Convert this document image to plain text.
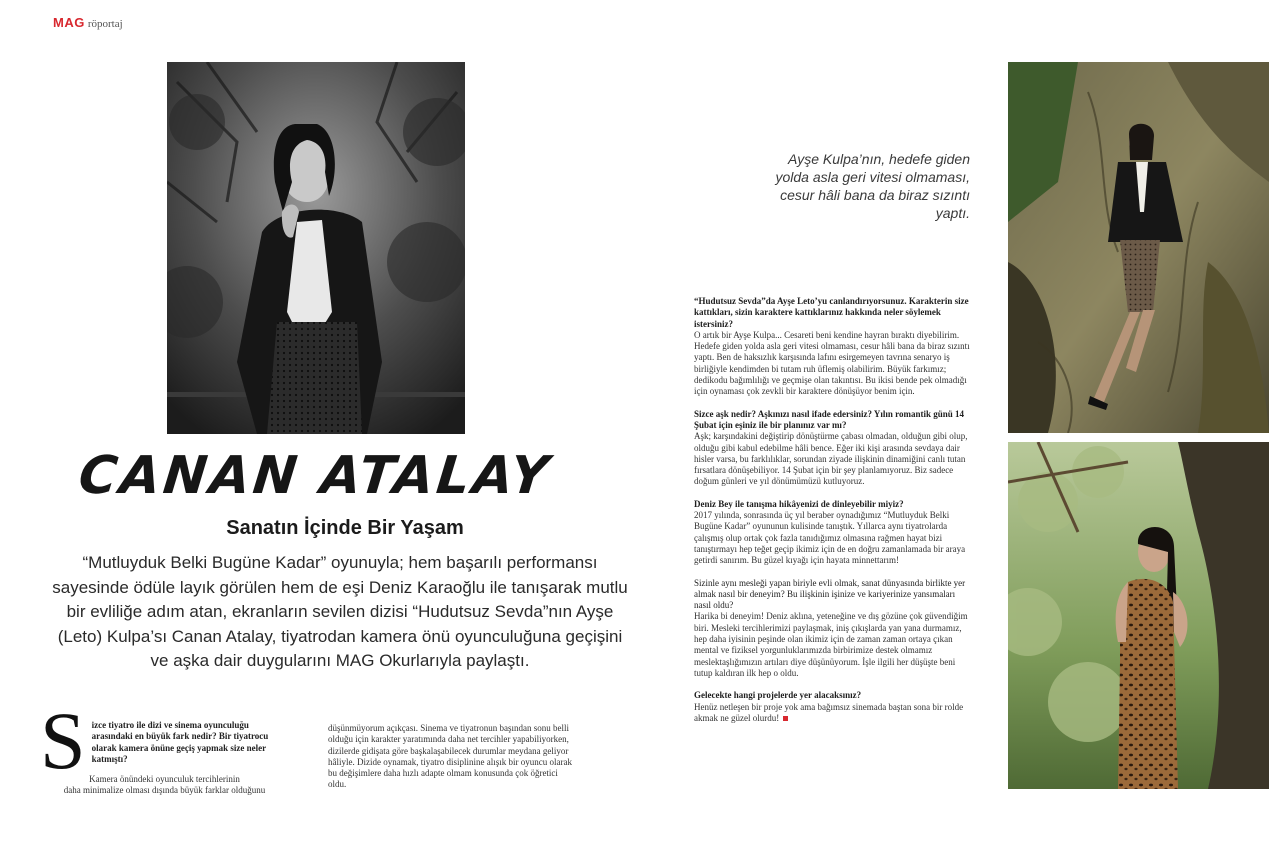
MAG röportaj
CANAN ATALAY
Sanatın İçinde Bir Yaşam
“Mutluyduk Belki Bugüne Kadar” oyunuyla; hem başarılı performansı sayesinde ödüle layık görülen hem de eşi Deniz Karaoğlu ile tanışarak mutlu bir evliliğe adım atan, ekranların sevilen dizisi “Hudutsuz Sevda”nın Ayşe (Leto) Kulpa’sı Canan Atalay, tiyatrodan kamera önü oyunculuğuna geçişini ve aşka dair duygularını MAG Okurlarıyla paylaştı.
S izce tiyatro ile dizi ve sinema oyunculuğu arasındaki en büyük fark nedir? Bir tiyatrocu olarak kamera önüne geçiş yapmak size neler katmıştı?
Kamera önündeki oyunculuk tercihlerinin
daha minimalize olması dışında büyük farklar olduğunu
düşünmüyorum açıkçası. Sinema ve tiyatronun başından sonu belli olduğu için karakter yaratımında daha net tercihler yapabiliyorken, dizilerde gidişata göre başkalaşabilecek durumlar meydana geliyor hâliyle. Dizide oynamak, tiyatro disiplinine alışık bir oyuncu olarak bu değişimlere daha hızlı adapte olmam konusunda çok öğretici oldu.
Ayşe Kulpa’nın, hedefe giden yolda asla geri vitesi olmaması, cesur hâli bana da biraz sızıntı yaptı.
“Hudutsuz Sevda”da Ayşe Leto’yu canlandırıyorsunuz. Karakterin size kattıkları, sizin karaktere kattıklarınız hakkında neler söylemek istersiniz?
O artık bir Ayşe Kulpa... Cesareti beni kendine hayran bıraktı diyebilirim. Hedefe giden yolda asla geri vitesi olmaması, cesur hâli bana da biraz sızıntı yaptı. Ben de haksızlık karşısında lafını esirgemeyen tavrına senaryo iş birliğiyle kendimden bi tutam ruh üflemiş olabilirim. Büyük farkımız; dedikodu bağımlılığı ve geçmişe olan takıntısı. Bu ikisi bende pek olmadığı için oynaması çok zevkli bir karaktere dönüşüyor benim için.
Sizce aşk nedir? Aşkınızı nasıl ifade edersiniz? Yılın romantik günü 14 Şubat için eşiniz ile bir planınız var mı?
Aşk; karşındakini değiştirip dönüştürme çabası olmadan, olduğun gibi olup, olduğu gibi kabul edebilme hâli bence. Eğer iki kişi arasında sevdaya dair hisler varsa, bu farklılıklar, sorundan ziyade ilişkinin dinamiğini canlı tutan fırsatlara dönüşebiliyor. 14 Şubat için bir şey planlamıyoruz. Biz sadece doğum günleri ve yıl dönümümüzü kutluyoruz.
Deniz Bey ile tanışma hikâyenizi de dinleyebilir miyiz?
2017 yılında, sonrasında üç yıl beraber oynadığımız “Mutluyduk Belki Bugüne Kadar” oyununun kulisinde tanıştık. Yıllarca aynı tiyatrolarda çalışmış olup ortak çok fazla tanıdığımız olmasına rağmen hayat bizi tanıştırmayı hep teğet geçip ikimiz için de en doğru zamanlamada bir araya getirdi sanırım. Bu güzel kıyağı için hayata minnettarım!
Sizinle aynı mesleği yapan biriyle evli olmak, sanat dünyasında birlikte yer almak nasıl bir deneyim? Bu ilişkinin işinize ve kariyerinize yansımaları nasıl oldu?
Harika bi deneyim! Deniz aklına, yeteneğine ve dış gözüne çok güvendiğim biri. Mesleki tercihlerimizi paylaşmak, iniş çıkışlarda yan yana durmamız, hep daha iyisinin peşinde olan ikimiz için de zaman zaman ortaya çıkan mental ve fiziksel yorgunluklarımızda birbirimize destek olmamız meslektaşlığımızın artıları diye düşünüyorum. İşle ilgili her düşüşte beni tutup kaldıran ilk hep o oldu.
Gelecekte hangi projelerde yer alacaksınız?
Henüz netleşen bir proje yok ama bağımsız sinemada baştan sona bir rolde akmak ne güzel olurdu!
